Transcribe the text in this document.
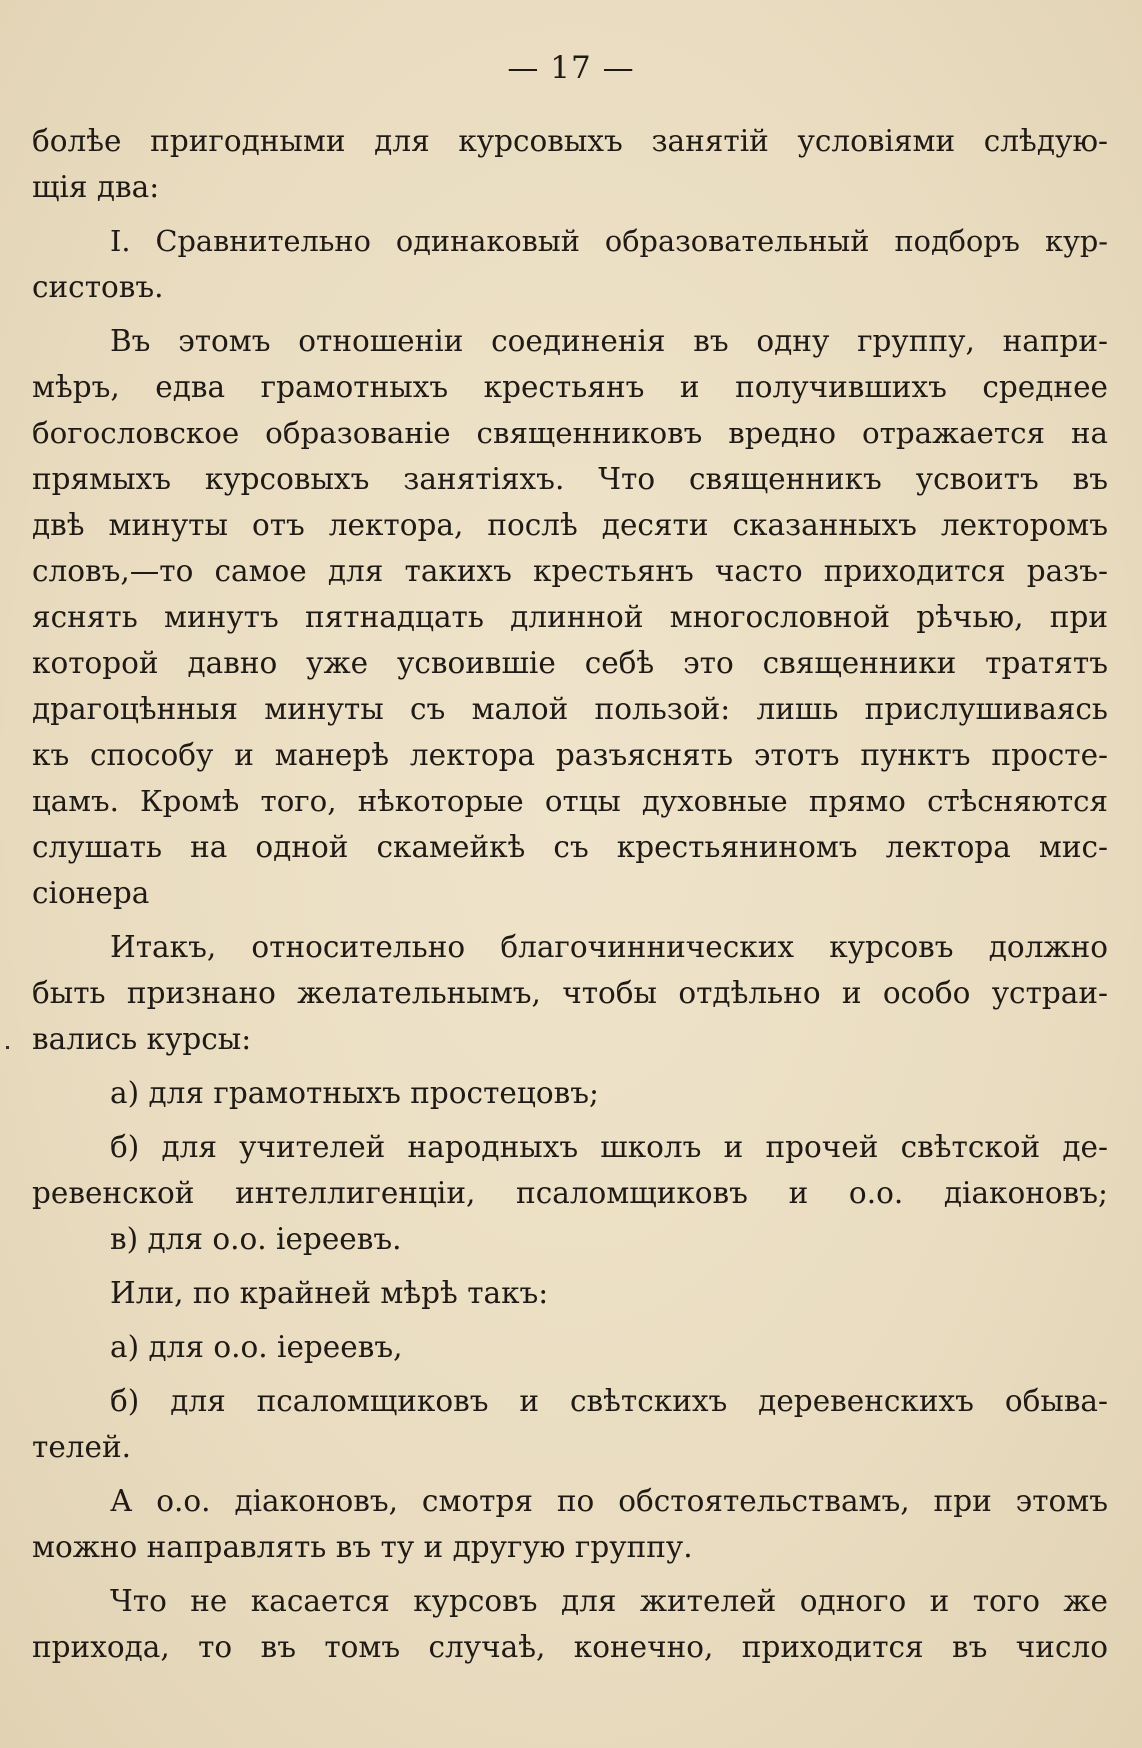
— 17 —

болѣе пригодными для курсовыхъ занятій условіями слѣдую-
щія два:

I. Сравнительно одинаковый образовательный подборъ кур-
систовъ.

Въ этомъ отношеніи соединенія въ одну группу, напри-
мѣръ, едва грамотныхъ крестьянъ и получившихъ среднее
богословское образованіе священниковъ вредно отражается на
прямыхъ курсовыхъ занятіяхъ. Что священникъ усвоитъ въ
двѣ минуты отъ лектора, послѣ десяти сказанныхъ лекторомъ
словъ,—то самое для такихъ крестьянъ часто приходится разъ-
яснять минутъ пятнадцать длинной многословной рѣчью, при
которой давно уже усвоившіе себѣ это священники тратятъ
драгоцѣнныя минуты съ малой пользой: лишь прислушиваясь
къ способу и манерѣ лектора разъяснять этотъ пунктъ просте-
цамъ. Кромѣ того, нѣкоторые отцы духовные прямо стѣсняются
слушать на одной скамейкѣ съ крестьяниномъ лектора мис-
сіонера

Итакъ, относительно благочиннических курсовъ должно
быть признано желательнымъ, чтобы отдѣльно и особо устраи-
вались курсы:

а) для грамотныхъ простецовъ;

б) для учителей народныхъ школъ и прочей свѣтской де-
ревенской интеллигенціи, псаломщиковъ и о.о. діаконовъ;

в) для о.о. іереевъ.

Или, по крайней мѣрѣ такъ:

а) для о.о. іереевъ,

б) для псаломщиковъ и свѣтскихъ деревенскихъ обыва-
телей.

А о.о. діаконовъ, смотря по обстоятельствамъ, при этомъ
можно направлять въ ту и другую группу.

Что не касается курсовъ для жителей одного и того же
прихода, то въ томъ случаѣ, конечно, приходится въ число
